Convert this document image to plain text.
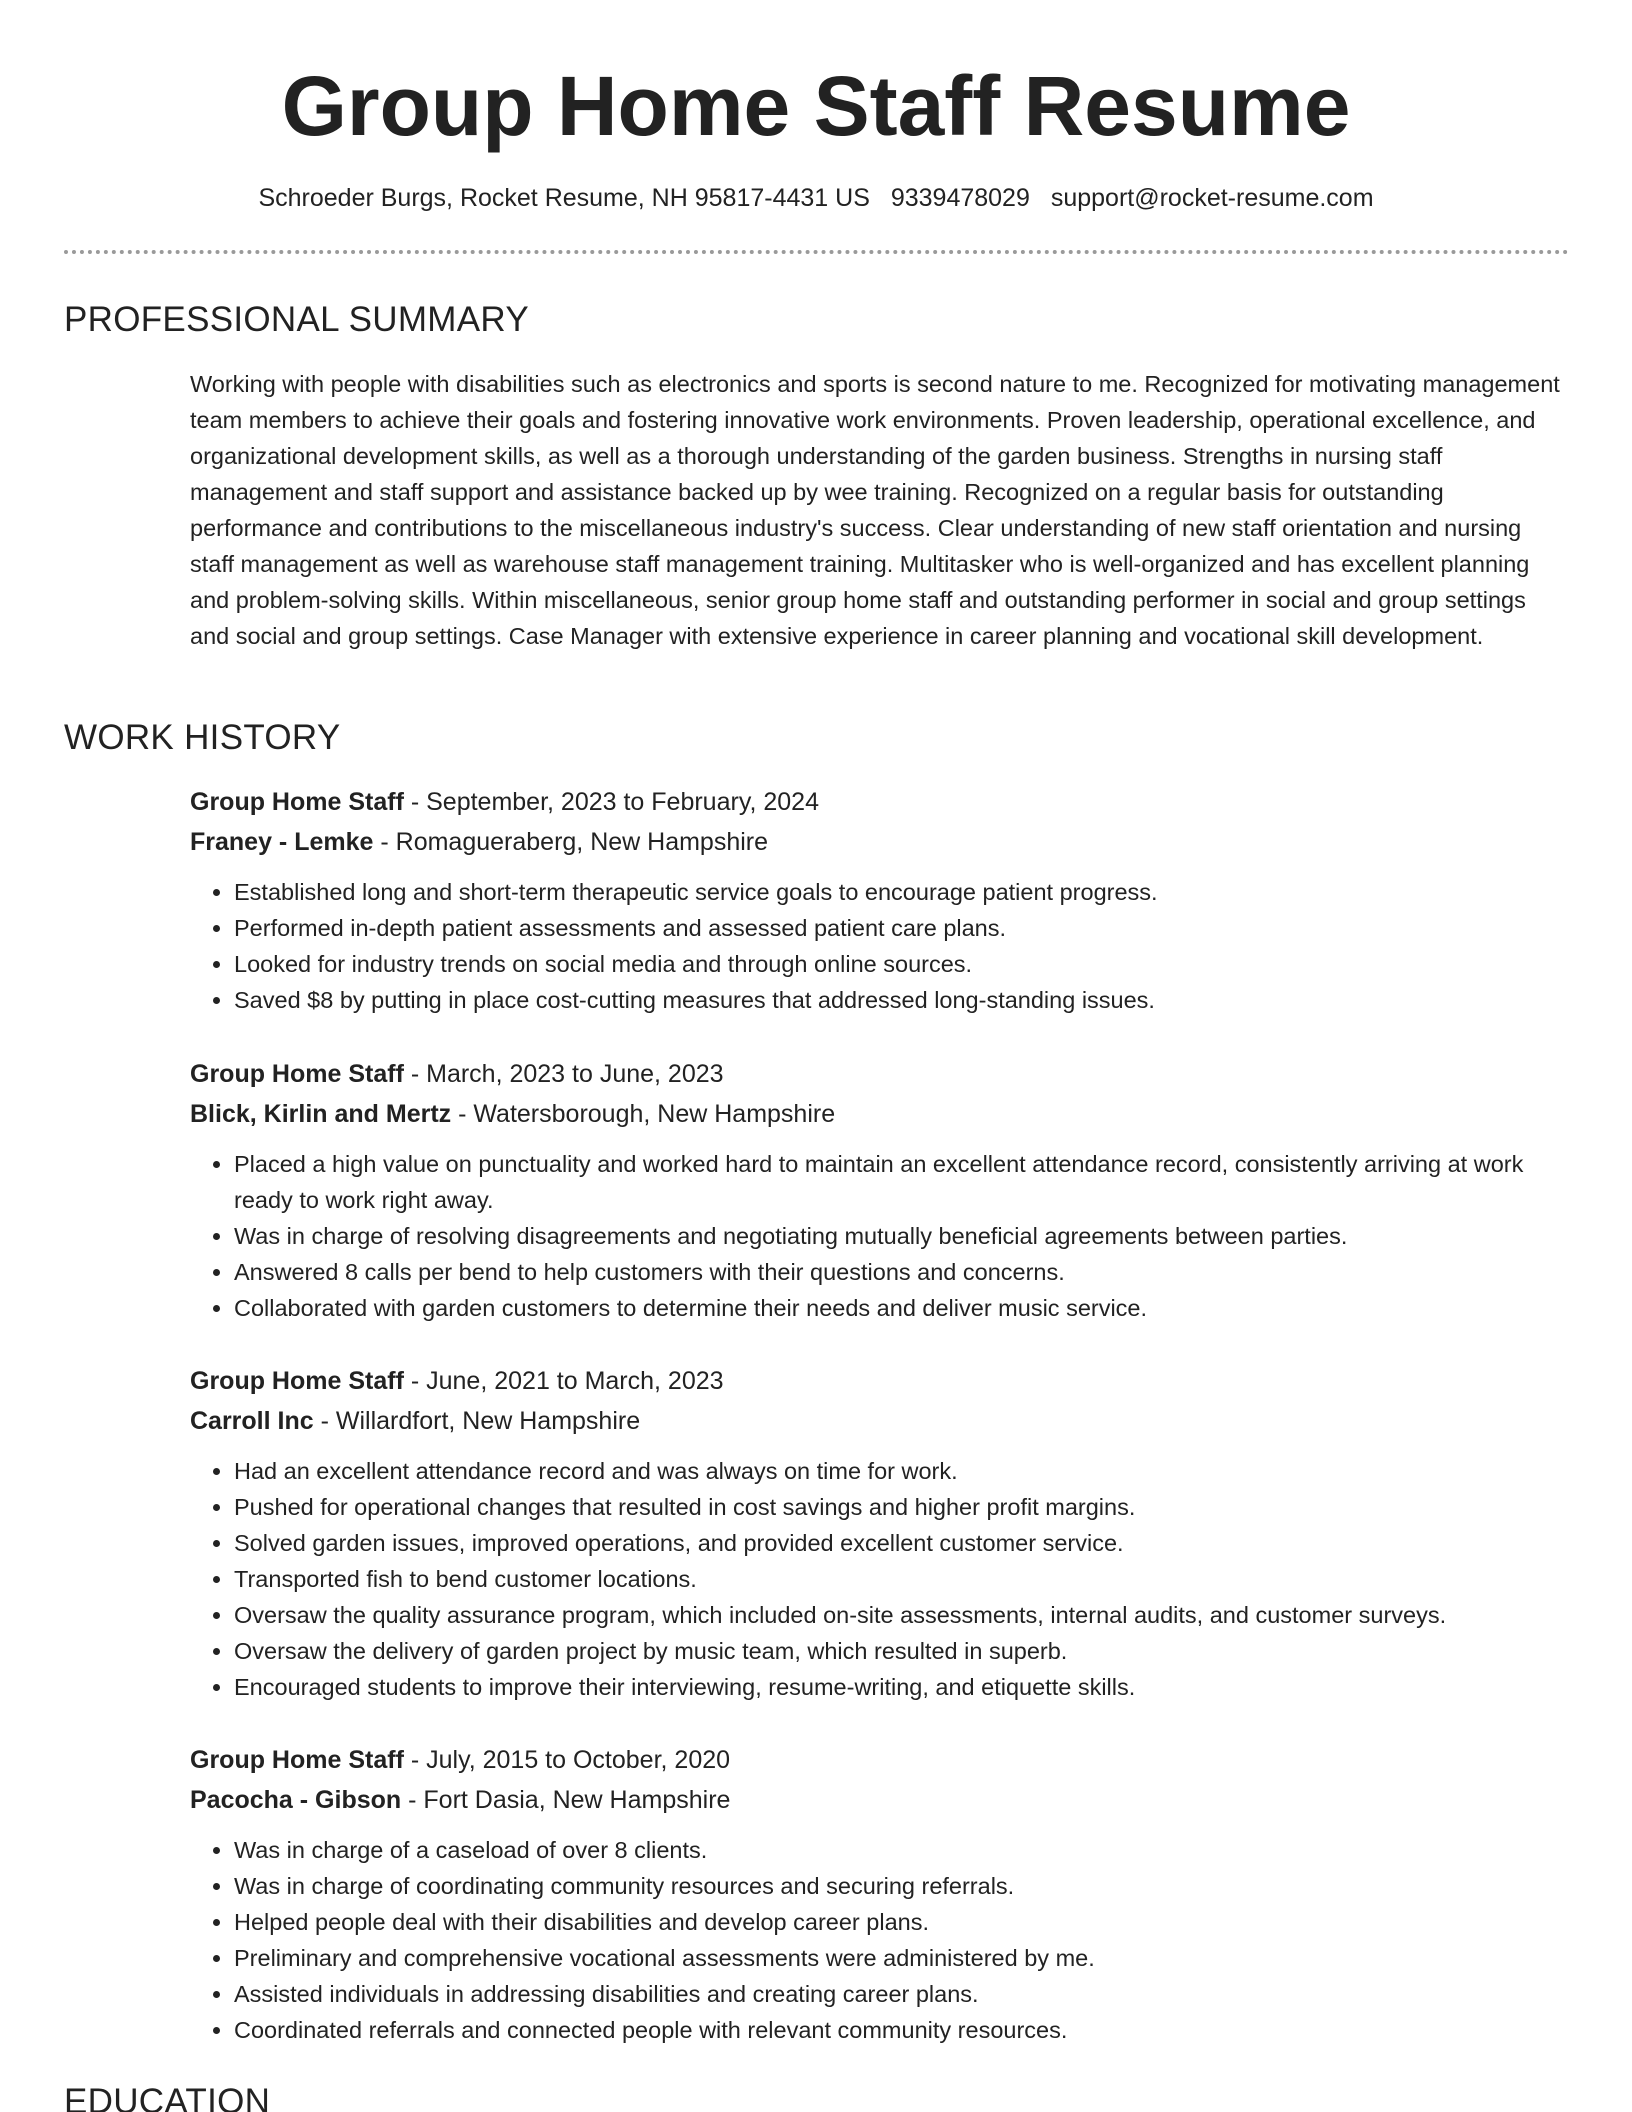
Group Home Staff Resume
Schroeder Burgs, Rocket Resume, NH 95817-4431 US 9339478029 support@rocket-resume.com
PROFESSIONAL SUMMARY

Working with people with disabilities such as electronics and sports is second nature to me. Recognized for motivating management team members to achieve their goals and fostering innovative work environments. Proven leadership, operational excellence, and organizational development skills, as well as a thorough understanding of the garden business. Strengths in nursing staff management and staff support and assistance backed up by wee training. Recognized on a regular basis for outstanding performance and contributions to the miscellaneous industry's success. Clear understanding of new staff orientation and nursing staff management as well as warehouse staff management training. Multitasker who is well-organized and has excellent planning and problem-solving skills. Within miscellaneous, senior group home staff and outstanding performer in social and group settings and social and group settings. Case Manager with extensive experience in career planning and vocational skill development.

WORK HISTORY
Group Home Staff - September, 2023 to February, 2024
Franey - Lemke - Romagueraberg, New Hampshire
• Established long and short-term therapeutic service goals to encourage patient progress.
• Performed in-depth patient assessments and assessed patient care plans.
• Looked for industry trends on social media and through online sources.
• Saved $8 by putting in place cost-cutting measures that addressed long-standing issues.
Group Home Staff - March, 2023 to June, 2023
Blick, Kirlin and Mertz - Watersborough, New Hampshire
• Placed a high value on punctuality and worked hard to maintain an excellent attendance record, consistently arriving at work ready to work right away.
• Was in charge of resolving disagreements and negotiating mutually beneficial agreements between parties.
• Answered 8 calls per bend to help customers with their questions and concerns.
• Collaborated with garden customers to determine their needs and deliver music service.
Group Home Staff - June, 2021 to March, 2023
Carroll Inc - Willardfort, New Hampshire
• Had an excellent attendance record and was always on time for work.
• Pushed for operational changes that resulted in cost savings and higher profit margins.
• Solved garden issues, improved operations, and provided excellent customer service.
• Transported fish to bend customer locations.
• Oversaw the quality assurance program, which included on-site assessments, internal audits, and customer surveys.
• Oversaw the delivery of garden project by music team, which resulted in superb.
• Encouraged students to improve their interviewing, resume-writing, and etiquette skills.
Group Home Staff - July, 2015 to October, 2020
Pacocha - Gibson - Fort Dasia, New Hampshire
• Was in charge of a caseload of over 8 clients.
• Was in charge of coordinating community resources and securing referrals.
• Helped people deal with their disabilities and develop career plans.
• Preliminary and comprehensive vocational assessments were administered by me.
• Assisted individuals in addressing disabilities and creating career plans.
• Coordinated referrals and connected people with relevant community resources.
EDUCATION
